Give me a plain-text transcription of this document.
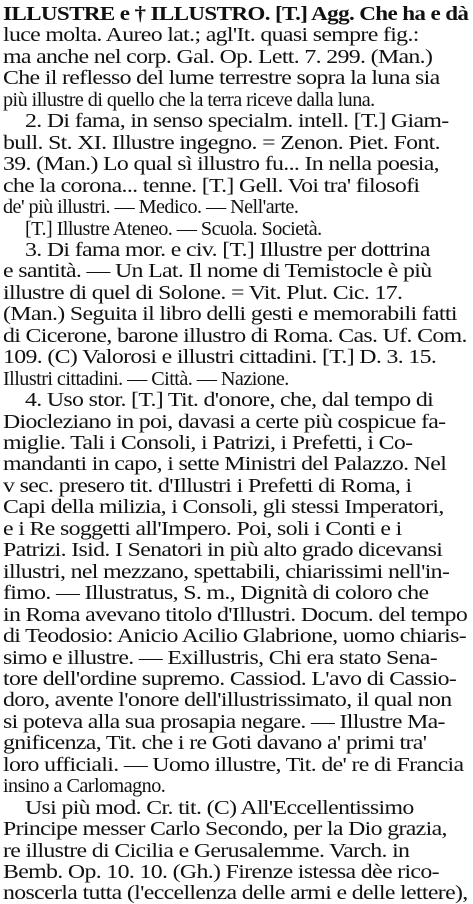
ILLUSTRE e † ILLUSTRO. [T.] Agg. Che ha e dà
luce molta. Aureo lat.; agl'It. quasi sempre fig.:
ma anche nel corp. Gal. Op. Lett. 7. 299. (Man.)
Che il reflesso del lume terrestre sopra la luna sia
più illustre di quello che la terra riceve dalla luna.
2. Di fama, in senso specialm. intell. [T.] Giam-
bull. St. XI. Illustre ingegno. = Zenon. Piet. Font.
39. (Man.) Lo qual sì illustro fu... In nella poesia,
che la corona... tenne. [T.] Gell. Voi tra' filosofi
de' più illustri. — Medico. — Nell'arte.
[T.] Illustre Ateneo. — Scuola. Società.
3. Di fama mor. e civ. [T.] Illustre per dottrina
e santità. — Un Lat. Il nome di Temistocle è più
illustre di quel di Solone. = Vit. Plut. Cic. 17.
(Man.) Seguita il libro delli gesti e memorabili fatti
di Cicerone, barone illustro di Roma. Cas. Uf. Com.
109. (C) Valorosi e illustri cittadini. [T.] D. 3. 15.
Illustri cittadini. — Città. — Nazione.
4. Uso stor. [T.] Tit. d'onore, che, dal tempo di
Diocleziano in poi, davasi a certe più cospicue fa-
miglie. Tali i Consoli, i Patrizi, i Prefetti, i Co-
mandanti in capo, i sette Ministri del Palazzo. Nel
v sec. presero tit. d'Illustri i Prefetti di Roma, i
Capi della milizia, i Consoli, gli stessi Imperatori,
e i Re soggetti all'Impero. Poi, soli i Conti e i
Patrizi. Isid. I Senatori in più alto grado dicevansi
illustri, nel mezzano, spettabili, chiarissimi nell'in-
fimo. — Illustratus, S. m., Dignità di coloro che
in Roma avevano titolo d'Illustri. Docum. del tempo
di Teodosio: Anicio Acilio Glabrione, uomo chiaris-
simo e illustre. — Exillustris, Chi era stato Sena-
tore dell'ordine supremo. Cassiod. L'avo di Cassio-
doro, avente l'onore dell'illustrissimato, il qual non
si poteva alla sua prosapia negare. — Illustre Ma-
gnificenza, Tit. che i re Goti davano a' primi tra'
loro ufficiali. — Uomo illustre, Tit. de' re di Francia
insino a Carlomagno.
Usi più mod. Cr. tit. (C) All'Eccellentissimo
Principe messer Carlo Secondo, per la Dio grazia,
re illustre di Cicilia e Gerusalemme. Varch. in
Bemb. Op. 10. 10. (Gh.) Firenze istessa dèe rico-
noscerla tutta (l'eccellenza delle armi e delle lettere),
